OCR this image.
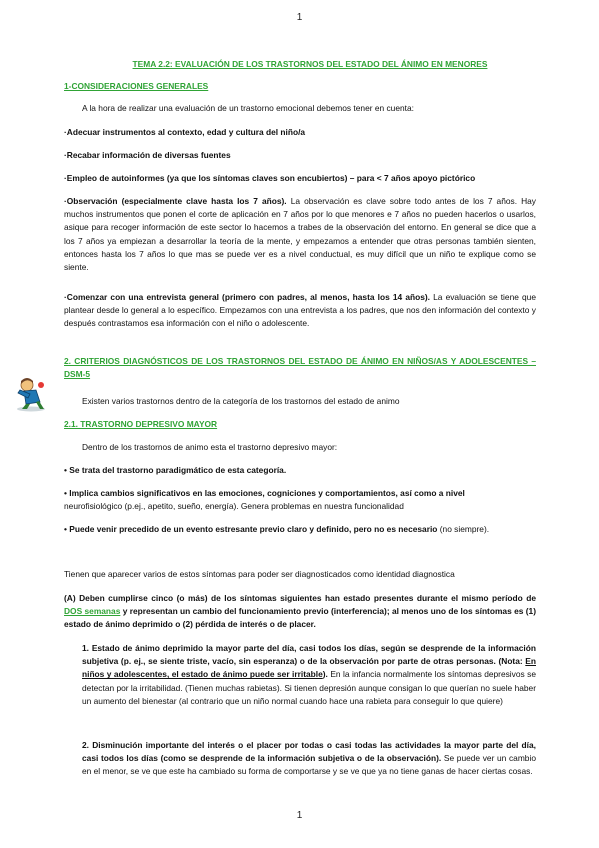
1
TEMA 2.2: EVALUACIÓN DE LOS TRASTORNOS DEL ESTADO DEL ÁNIMO EN MENORES
1-CONSIDERACIONES GENERALES
A la hora de realizar una evaluación de un trastorno emocional debemos tener en cuenta:
·Adecuar instrumentos al contexto, edad y cultura del niño/a
·Recabar información de diversas fuentes
·Empleo de autoinformes (ya que los síntomas claves son encubiertos) – para < 7 años apoyo pictórico
·Observación (especialmente clave hasta los 7 años). La observación es clave sobre todo antes de los 7 años. Hay muchos instrumentos que ponen el corte de aplicación en 7 años por lo que menores e 7 años no pueden hacerlos o usarlos, asique para recoger información de este sector lo hacemos a trabes de la observación del entorno. En general se dice que a los 7 años ya empiezan a desarrollar la teoría de la mente, y empezamos a entender que otras personas también sienten, entonces hasta los 7 años lo que mas se puede ver es a nivel conductual, es muy difícil que un niño te explique como se siente.
·Comenzar con una entrevista general (primero con padres, al menos, hasta los 14 años). La evaluación se tiene que plantear desde lo general a lo específico. Empezamos con una entrevista a los padres, que nos den información del contexto y después contrastamos esa información con el niño o adolescente.
2. CRITERIOS DIAGNÓSTICOS DE LOS TRASTORNOS DEL ESTADO DE ÁNIMO EN NIÑOS/AS Y ADOLESCENTES – DSM-5
Existen varios trastornos dentro de la categoría de los trastornos del estado de animo
2.1. TRASTORNO DEPRESIVO MAYOR
Dentro de los trastornos de animo esta el trastorno depresivo mayor:
• Se trata del trastorno paradigmático de esta categoría.
• Implica cambios significativos en las emociones, cogniciones y comportamientos, así como a nivel
neurofisiológico (p.ej., apetito, sueño, energía). Genera problemas en nuestra funcionalidad
• Puede venir precedido de un evento estresante previo claro y definido, pero no es necesario (no siempre).
Tienen que aparecer varios de estos síntomas para poder ser diagnosticados como identidad diagnostica
(A) Deben cumplirse cinco (o más) de los síntomas siguientes han estado presentes durante el mismo período de DOS semanas y representan un cambio del funcionamiento previo (interferencia); al menos uno de los síntomas es (1) estado de ánimo deprimido o (2) pérdida de interés o de placer.
1. Estado de ánimo deprimido la mayor parte del día, casi todos los días, según se desprende de la información subjetiva (p. ej., se siente triste, vacío, sin esperanza) o de la observación por parte de otras personas. (Nota: En niños y adolescentes, el estado de ánimo puede ser irritable). En la infancia normalmente los síntomas depresivos se detectan por la irritabilidad. (Tienen muchas rabietas). Si tienen depresión aunque consigan lo que querían no suele haber un aumento del bienestar (al contrario que un niño normal cuando hace una rabieta para conseguir lo que quiere)
2. Disminución importante del interés o el placer por todas o casi todas las actividades la mayor parte del día, casi todos los días (como se desprende de la información subjetiva o de la observación). Se puede ver un cambio en el menor, se ve que este ha cambiado su forma de comportarse y se ve que ya no tiene ganas de hacer ciertas cosas.
1
